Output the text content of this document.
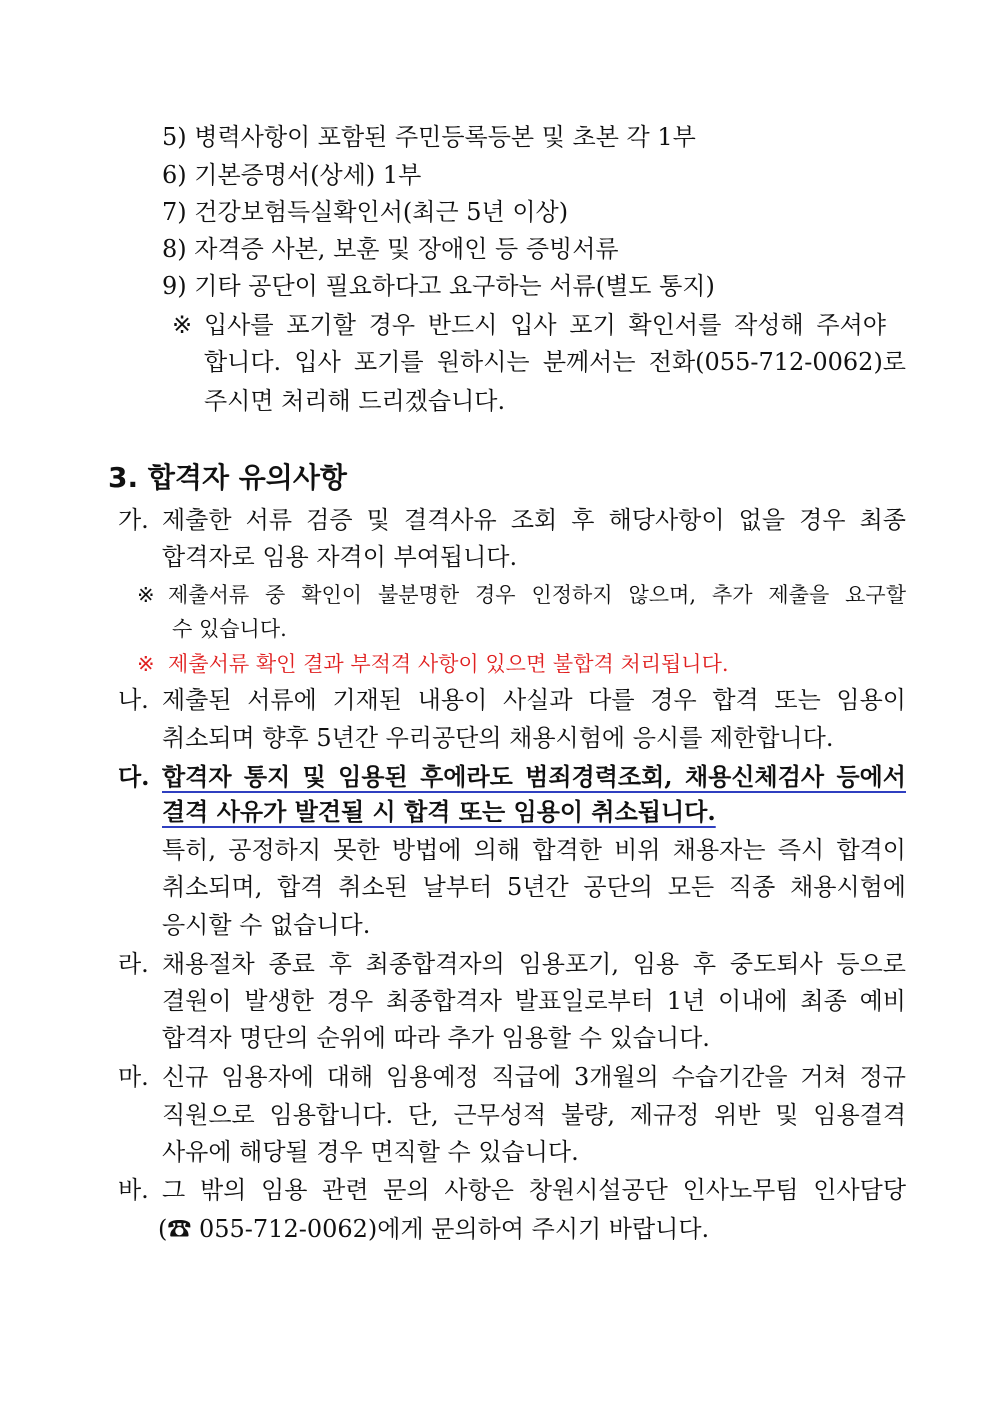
5) 병력사항이 포함된 주민등록등본 및 초본 각 1부
6) 기본증명서(상세) 1부
7) 건강보험득실확인서(최근 5년 이상)
8) 자격증 사본, 보훈 및 장애인 등 증빙서류
9) 기타 공단이 필요하다고 요구하는 서류(별도 통지)
※ 입사를 포기할 경우 반드시 입사 포기 확인서를 작성해 주셔야
합니다. 입사 포기를 원하시는 분께서는 전화(055-712-0062)로
주시면 처리해 드리겠습니다.
3. 합격자 유의사항
가. 제출한 서류 검증 및 결격사유 조회 후 해당사항이 없을 경우 최종
합격자로 임용 자격이 부여됩니다.
※ 제출서류 중 확인이 불분명한 경우 인정하지 않으며, 추가 제출을 요구할
수 있습니다.
※ 제출서류 확인 결과 부적격 사항이 있으면 불합격 처리됩니다.
나. 제출된 서류에 기재된 내용이 사실과 다를 경우 합격 또는 임용이
취소되며 향후 5년간 우리공단의 채용시험에 응시를 제한합니다.
다. 합격자 통지 및 임용된 후에라도 범죄경력조회, 채용신체검사 등에서
결격 사유가 발견될 시 합격 또는 임용이 취소됩니다.
특히, 공정하지 못한 방법에 의해 합격한 비위 채용자는 즉시 합격이
취소되며, 합격 취소된 날부터 5년간 공단의 모든 직종 채용시험에
응시할 수 없습니다.
라. 채용절차 종료 후 최종합격자의 임용포기, 임용 후 중도퇴사 등으로
결원이 발생한 경우 최종합격자 발표일로부터 1년 이내에 최종 예비
합격자 명단의 순위에 따라 추가 임용할 수 있습니다.
마. 신규 임용자에 대해 임용예정 직급에 3개월의 수습기간을 거쳐 정규
직원으로 임용합니다. 단, 근무성적 불량, 제규정 위반 및 임용결격
사유에 해당될 경우 면직할 수 있습니다.
바. 그 밖의 임용 관련 문의 사항은 창원시설공단 인사노무팀 인사담당
(☎ 055-712-0062)에게 문의하여 주시기 바랍니다.
